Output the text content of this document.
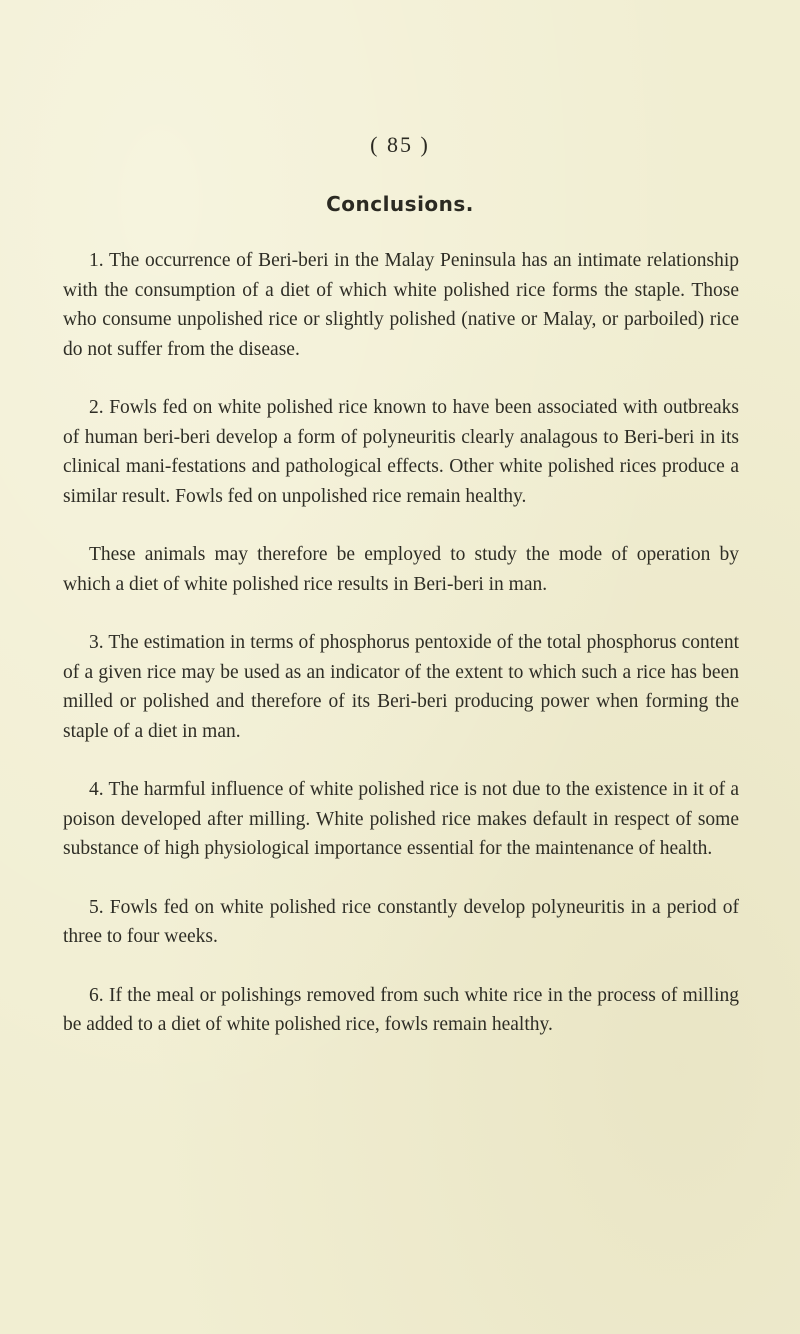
( 85 )
Conclusions.

1. The occurrence of Beri-beri in the Malay Peninsula has an intimate relationship with the consumption of a diet of which white polished rice forms the staple. Those who consume unpolished rice or slightly polished (native or Malay, or parboiled) rice do not suffer from the disease.

2. Fowls fed on white polished rice known to have been associated with outbreaks of human beri-beri develop a form of polyneuritis clearly analagous to Beri-beri in its clinical mani-festations and pathological effects. Other white polished rices produce a similar result. Fowls fed on unpolished rice remain healthy.

These animals may therefore be employed to study the mode of operation by which a diet of white polished rice results in Beri-beri in man.

3. The estimation in terms of phosphorus pentoxide of the total phosphorus content of a given rice may be used as an indicator of the extent to which such a rice has been milled or polished and therefore of its Beri-beri producing power when forming the staple of a diet in man.

4. The harmful influence of white polished rice is not due to the existence in it of a poison developed after milling. White polished rice makes default in respect of some substance of high physiological importance essential for the maintenance of health.

5. Fowls fed on white polished rice constantly develop polyneuritis in a period of three to four weeks.

6. If the meal or polishings removed from such white rice in the process of milling be added to a diet of white polished rice, fowls remain healthy.
